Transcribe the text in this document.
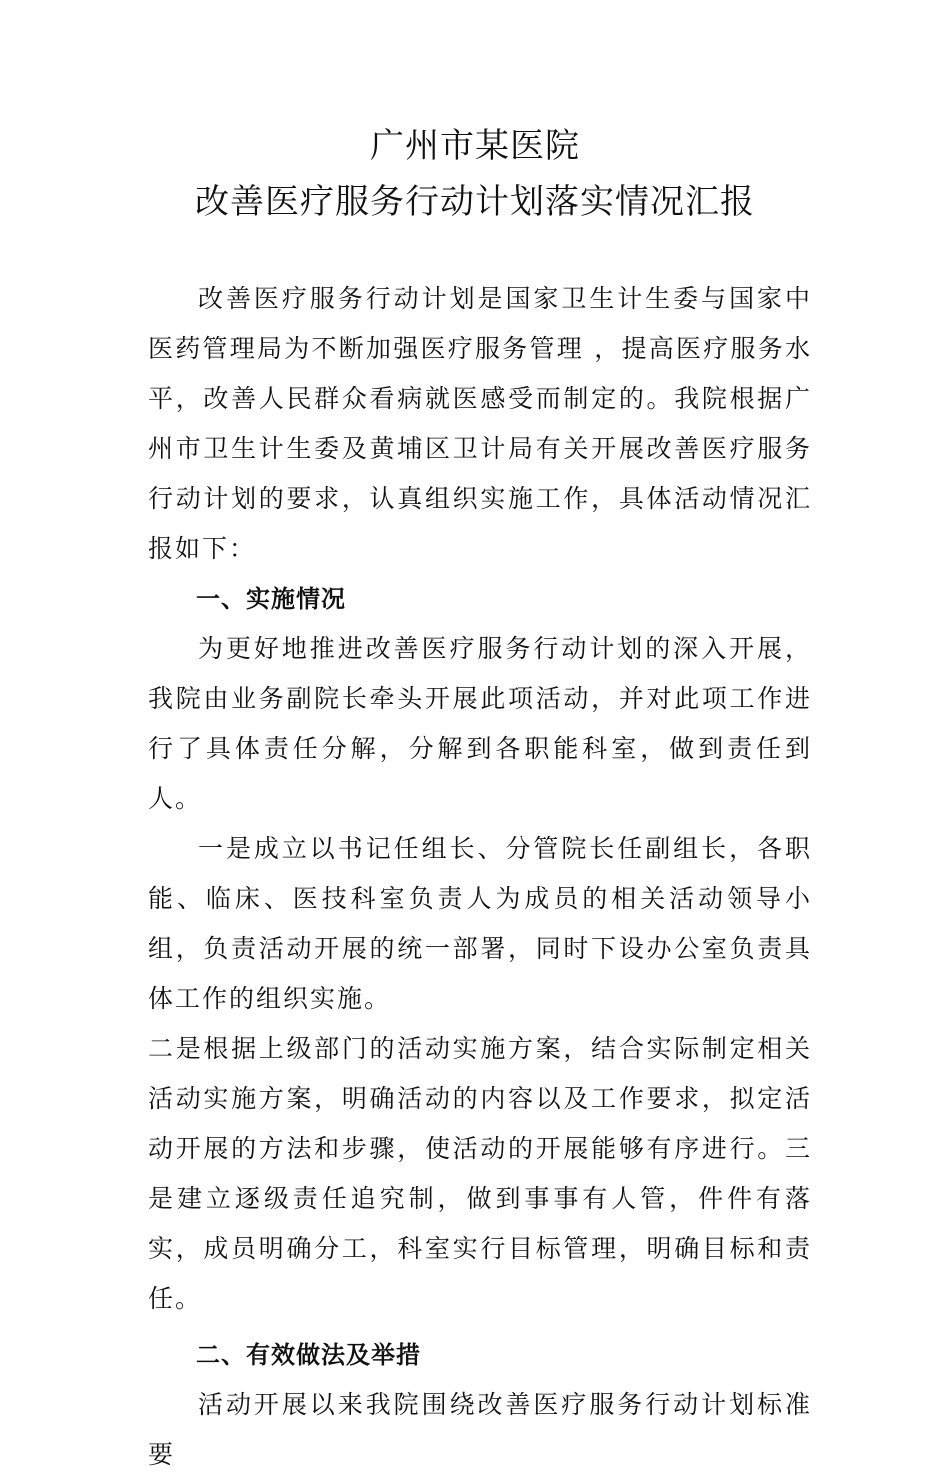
广州市某医院
改善医疗服务行动计划落实情况汇报

改善医疗服务行动计划是国家卫生计生委与国家中医药管理局为不断加强医疗服务管理 ，提高医疗服务水平，改善人民群众看病就医感受而制定的。我院根据广州市卫生计生委及黄埔区卫计局有关开展改善医疗服务行动计划的要求，认真组织实施工作，具体活动情况汇报如下：

一、实施情况

为更好地推进改善医疗服务行动计划的深入开展，我院由业务副院长牵头开展此项活动，并对此项工作进行了具体责任分解，分解到各职能科室，做到责任到人。

一是成立以书记任组长、分管院长任副组长，各职能、临床、医技科室负责人为成员的相关活动领导小组，负责活动开展的统一部署，同时下设办公室负责具体工作的组织实施。

二是根据上级部门的活动实施方案，结合实际制定相关活动实施方案，明确活动的内容以及工作要求，拟定活动开展的方法和步骤，使活动的开展能够有序进行。三是建立逐级责任追究制，做到事事有人管，件件有落实，成员明确分工，科室实行目标管理，明确目标和责任。

二、有效做法及举措

活动开展以来我院围绕改善医疗服务行动计划标准要
